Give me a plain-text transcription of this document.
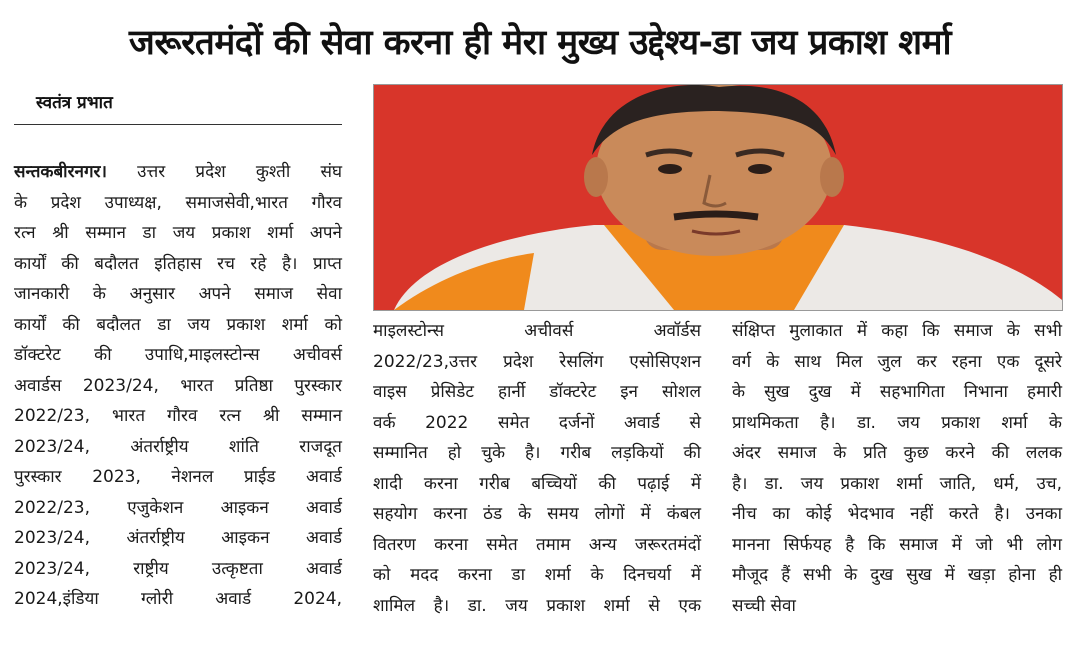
जरूरतमंदों की सेवा करना ही मेरा मुख्य उद्देश्य-डा जय प्रकाश शर्मा
स्वतंत्र प्रभात
सन्तकबीरनगर। उत्तर प्रदेश कुश्ती संघ
के प्रदेश उपाध्यक्ष, समाजसेवी,भारत गौरव
रत्न श्री सम्मान डा जय प्रकाश शर्मा अपने
कार्यों की बदौलत इतिहास रच रहे है। प्राप्त
जानकारी के अनुसार अपने समाज सेवा
कार्यों की बदौलत डा जय प्रकाश शर्मा को
डॉक्टरेट की उपाधि,माइलस्टोन्स अचीवर्स
अवार्डस 2023/24, भारत प्रतिष्ठा पुरस्कार
2022/23, भारत गौरव रत्न श्री सम्मान
2023/24, अंतर्राष्ट्रीय शांति राजदूत
पुरस्कार 2023, नेशनल प्राईड अवार्ड
2022/23, एजुकेशन आइकन अवार्ड
2023/24, अंतर्राष्ट्रीय आइकन अवार्ड
2023/24, राष्ट्रीय उत्कृष्टता अवार्ड
2024,इंडिया ग्लोरी अवार्ड 2024,
माइलस्टोन्स अचीवर्स अवॉर्डस
2022/23,उत्तर प्रदेश रेसलिंग एसोसिएशन
वाइस प्रेसिडेट हार्नी डॉक्टरेट इन सोशल
वर्क 2022 समेत दर्जनों अवार्ड से
सम्मानित हो चुके है। गरीब लड़कियों की
शादी करना गरीब बच्चियों की पढ़ाई में
सहयोग करना ठंड के समय लोगों में कंबल
वितरण करना समेत तमाम अन्य जरूरतमंदों
को मदद करना डा शर्मा के दिनचर्या में
शामिल है। डा. जय प्रकाश शर्मा से एक
संक्षिप्त मुलाकात में कहा कि समाज के सभी
वर्ग के साथ मिल जुल कर रहना एक दूसरे
के सुख दुख में सहभागिता निभाना हमारी
प्राथमिकता है। डा. जय प्रकाश शर्मा के
अंदर समाज के प्रति कुछ करने की ललक
है। डा. जय प्रकाश शर्मा जाति, धर्म, उच,
नीच का कोई भेदभाव नहीं करते है। उनका
मानना सिर्फयह है कि समाज में जो भी लोग
मौजूद हैं सभी के दुख सुख में खड़ा होना ही
सच्ची सेवा
